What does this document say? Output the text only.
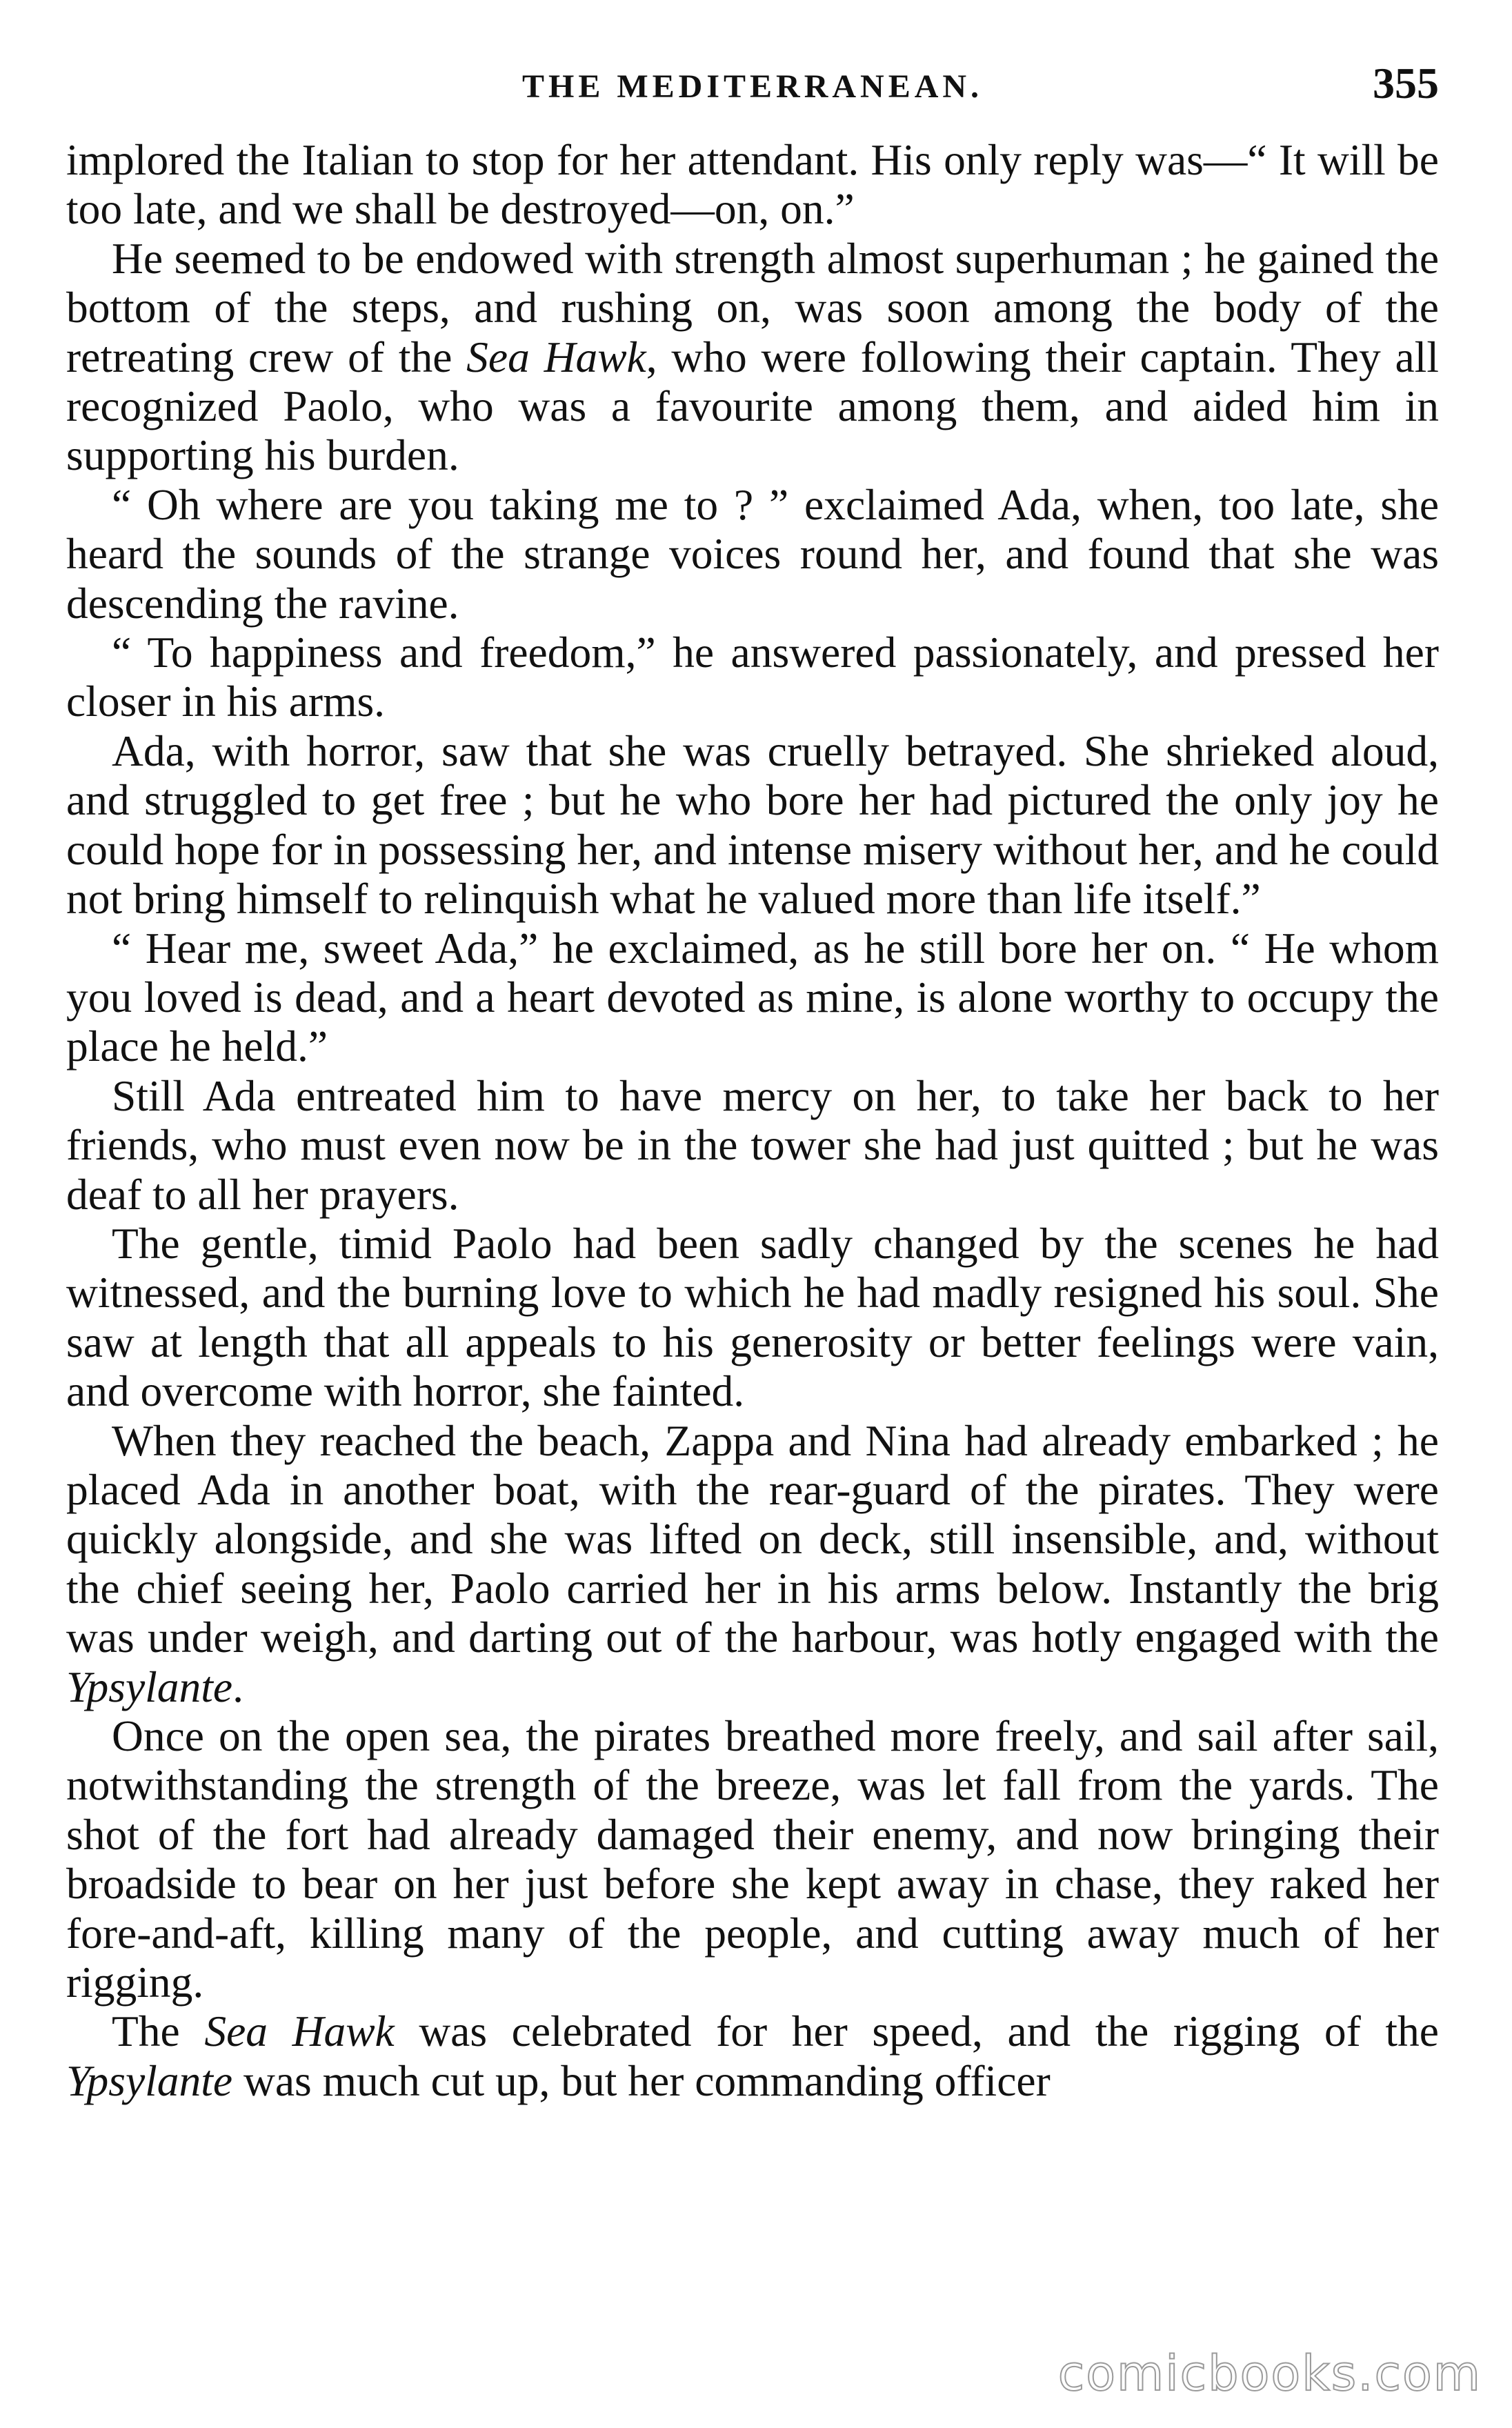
THE MEDITERRANEAN.	355

implored the Italian to stop for her attendant. His only reply was—“ It will be too late, and we shall be destroyed—on, on.”

He seemed to be endowed with strength almost superhuman ; he gained the bottom of the steps, and rushing on, was soon among the body of the retreating crew of the Sea Hawk, who were following their captain. They all recognized Paolo, who was a favourite among them, and aided him in supporting his burden.

“ Oh where are you taking me to ? ” exclaimed Ada, when, too late, she heard the sounds of the strange voices round her, and found that she was descending the ravine.

“ To happiness and freedom,” he answered passionately, and pressed her closer in his arms.

Ada, with horror, saw that she was cruelly betrayed. She shrieked aloud, and struggled to get free ; but he who bore her had pictured the only joy he could hope for in possessing her, and intense misery without her, and he could not bring himself to relinquish what he valued more than life itself.”

“ Hear me, sweet Ada,” he exclaimed, as he still bore her on. “ He whom you loved is dead, and a heart devoted as mine, is alone worthy to occupy the place he held.”

Still Ada entreated him to have mercy on her, to take her back to her friends, who must even now be in the tower she had just quitted ; but he was deaf to all her prayers.

The gentle, timid Paolo had been sadly changed by the scenes he had witnessed, and the burning love to which he had madly resigned his soul. She saw at length that all appeals to his generosity or better feelings were vain, and overcome with horror, she fainted.

When they reached the beach, Zappa and Nina had already embarked ; he placed Ada in another boat, with the rear-guard of the pirates. They were quickly alongside, and she was lifted on deck, still insensible, and, without the chief seeing her, Paolo carried her in his arms below. Instantly the brig was under weigh, and darting out of the harbour, was hotly engaged with the Ypsylante.

Once on the open sea, the pirates breathed more freely, and sail after sail, notwithstanding the strength of the breeze, was let fall from the yards. The shot of the fort had already damaged their enemy, and now bringing their broadside to bear on her just before she kept away in chase, they raked her fore-and-aft, killing many of the people, and cutting away much of her rigging.

The Sea Hawk was celebrated for her speed, and the rigging of the Ypsylante was much cut up, but her commanding officer

comicbooks.com
